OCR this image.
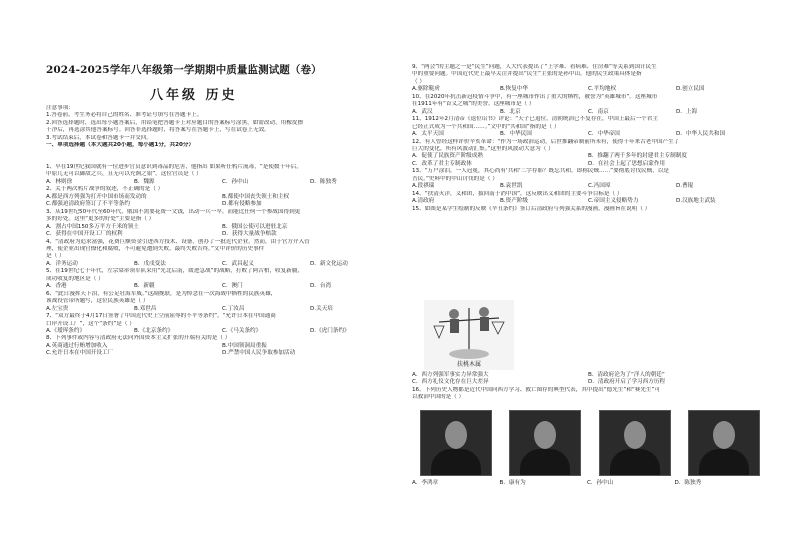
2024-2025学年八年级第一学期期中质量监测试题（卷）
八年级 历史
注意事项：
1.答卷前，考生务必将自己的姓名、准考证号填写在答题卡上。
2.回答选择题时，选出每小题答案后，用铅笔把答题卡上对应题目的答案标号涂黑，如需改动，用橡皮擦
干净后，再选涂其他答案标号。回答非选择题时，将答案写在答题卡上，写在试卷上无效。
3.考试结束后，本试卷和答题卡一并交回。
一、单项选择题（本大题共20小题，每小题1分，共20分）
1、早在19世纪我国就有一位进步官员意识到毒品的危害，他指出 如果听任鸦片流毒，“是使数十年后，
中原几无可以御敌之兵，且无可以充饷之银”。这位官员是（ ）
A．林则徐	B．魏源	C．孙中山	D．陈独秀
2、关于两次鸦片战争的叙述，不正确的是（ ）
A.都是西方列强为打开中国市场而发动的	B.都使中国丧失领土和主权
C.都强迫清政府签订了不平等条约	D.都有侵略参加
3、从19世纪50年代至60年代，俄国不需要花费一文钱，出动一兵一卒，而能比任何一个参战国得到更
多的好处。这里“更多的好处”主要是指（ ）
A．割占中国150多万平方千米的领土	B．俄国公使可以进驻北京
C．获得在中国开设工厂的权利	D．获得大量战争赔款
4、“清政府为追求富强，花费巨额资金引进西方技术、设备，创办了一批近代企业。然而，由于官方介入管
理，使企业出现官僚化和腐败，不可避免遭到失败，最终失败告终。”文中评价的历史事件
是（ ）
A．洋务运动	B．戊戌变法	C．武昌起义	D．新文化运动
5、在19世纪七十年代，左宗棠率领军队采用“先北后南，缓进急战”的战略，打败了阿古柏，收复新疆，
成功收复的地区是（ ）
A．香港	B．新疆	C．澳门	D．台湾
6、“此日漫挥天下泪，有公足壮海军威。”这副挽联，是为悼念在一次海战中牺牲的民族英雄，
该战役管带所题写，这位民族英雄是（ ）
A.左宝贵	B.邓世昌	C.丁汝昌	D.关天培
7、“双方最终于4月17日签署了中国近代史上空前屈辱的不平等条约”，“允许日本在中国通商
口岸开设工厂”，这个“条约”是（ ）
A.《瑷珲条约》	B.《北京条约》	C.《马关条约》	D.《虎门条约》
8、下列事件或内容与清政府无法向外国资本主义扩张的开端有关的是（ ）
A.英商通过行贿增加收入	B.中国领洞局重振
C.允许日本在中国开设工厂	D.严禁中国人民争取参加活动
9、“两会”的主题之一是“民生”问题，人大代表提出了“上学难、看病难、住房难”等关系到国计民生
中的重要问题。中国近代史上最早关注并提出“民生”主张的是孙中山，他的民生政策具体是指
（ ）
A.驱除鞑虏	B.恢复中华	C.平均地权	D.创立民国
10、在2020年抗击新冠疫情斗争中，有一座城市作出了重大的牺牲，被誉为“英雄城市”。这座城市
在1911年有“首义之城”的美誉。这座城市是（ ）
A．武汉	B．北京	C．南京	D．上海
11、1912年2月清帝《退位诏书》评论：“天子已退位，清朝统治已不复存在，中国上最后一个君主
已经正式成为一个共和国……。”文中的“共和国”指的是（ ）
A．太平天国	B．中华民国	C．中华帝国	D．中华人民共和国
12、有人曾经这样评价辛亥革命：“作为一场政治运动，后世推翻帝制前所未有，使得千年来古老中国产生了
巨大的变化，所有风波动汇集。”这里的风波动大意为（ ）
A．促使了民族资产阶级成熟	B．推翻了两千多年的封建君主专制制度
C．改革了君主专制政体	D．在社会上起了思想启蒙作用
13、“万户涂泪，一人冠冕，其心尚有‘共和’二字存耶？既忘共和，即称民贼……”要彻底讨伐民贼，以是
吾民。”史料中的中山讨伐的是（ ）
A.段祺瑞	B.袁世凯	C.冯国璋	D.曹锟
14、“扶清灭洋，义和团，拔回南于消中国”，这反映出义和团的主要斗争目标是（ ）
A.清政府	B.资产阶级	C.帝国主义侵略势力	D.汉族地主武装
15、如图是某学生绘制的反映《辛丑条约》签订后清政府与列强关系的漫画，漫画旨在说明（ ）
扶桃木属
A．西方列强军事实力异常强大	B．清政府沦为了“洋人的朝廷”
C．西方礼仪文化存在巨大差异	D．清政府开启了学习西方历程
16、下列历史人物都是近代中国向西方学习、救亡图存的典型代表，其中提出“德先生”和“赛先生”可
以救治中国的是（ ）
A．李鸿章	B．康有为	C．孙中山	D．陈独秀
